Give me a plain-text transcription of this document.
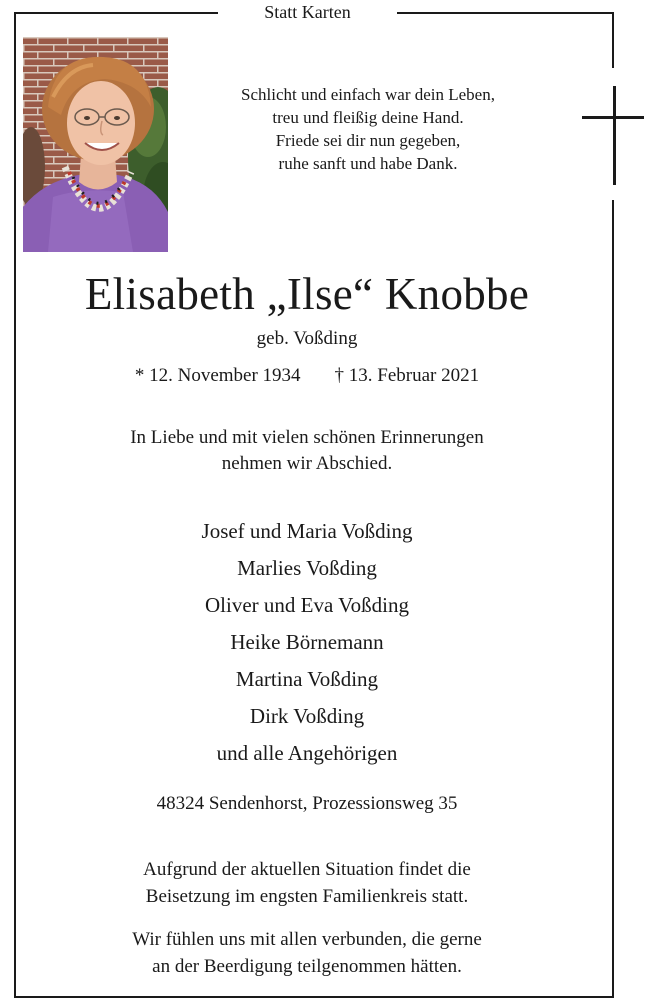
Statt Karten
Schlicht und einfach war dein Leben,
treu und fleißig deine Hand.
Friede sei dir nun gegeben,
ruhe sanft und habe Dank.
Elisabeth „Ilse“ Knobbe
geb. Voßding
* 12. November 1934 † 13. Februar 2021
In Liebe und mit vielen schönen Erinnerungen
nehmen wir Abschied.
Josef und Maria Voßding
Marlies Voßding
Oliver und Eva Voßding
Heike Börnemann
Martina Voßding
Dirk Voßding
und alle Angehörigen
48324 Sendenhorst, Prozessionsweg 35
Aufgrund der aktuellen Situation findet die
Beisetzung im engsten Familienkreis statt.
Wir fühlen uns mit allen verbunden, die gerne
an der Beerdigung teilgenommen hätten.
